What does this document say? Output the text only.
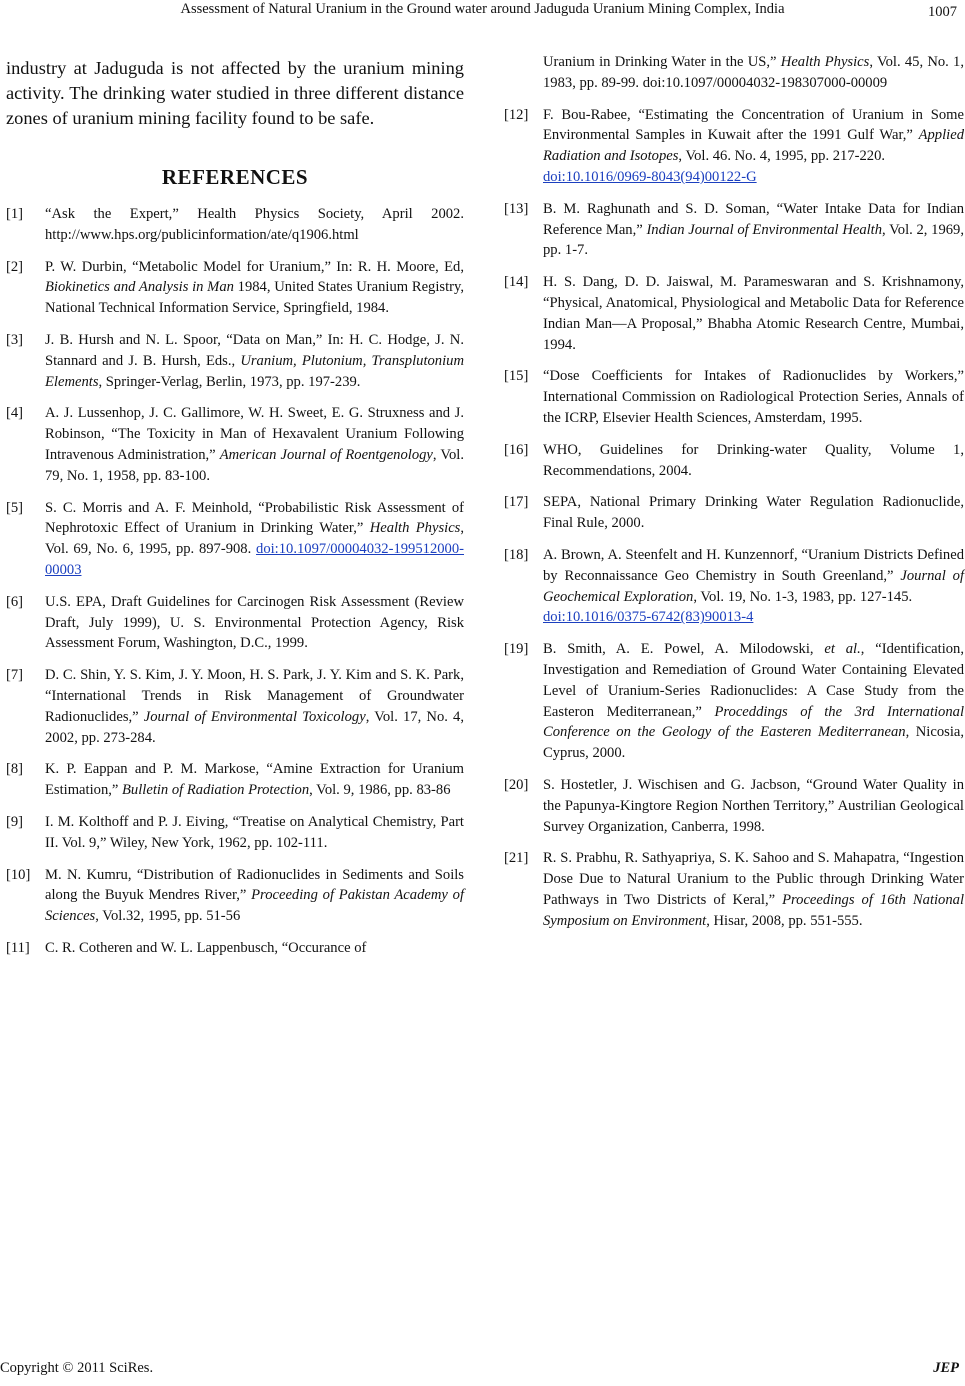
Assessment of Natural Uranium in the Ground water around Jaduguda Uranium Mining Complex, India	1007

industry at Jaduguda is not affected by the uranium mining activity. The drinking water studied in three different distance zones of uranium mining facility found to be safe.

REFERENCES
[1] “Ask the Expert,” Health Physics Society, April 2002. http://www.hps.org/publicinformation/ate/q1906.html
[2] P. W. Durbin, “Metabolic Model for Uranium,” In: R. H. Moore, Ed, Biokinetics and Analysis in Man 1984, United States Uranium Registry, National Technical Information Service, Springfield, 1984.
[3] J. B. Hursh and N. L. Spoor, “Data on Man,” In: H. C. Hodge, J. N. Stannard and J. B. Hursh, Eds., Uranium, Plutonium, Transplutonium Elements, Springer-Verlag, Berlin, 1973, pp. 197-239.
[4] A. J. Lussenhop, J. C. Gallimore, W. H. Sweet, E. G. Struxness and J. Robinson, “The Toxicity in Man of Hexavalent Uranium Following Intravenous Administration,” American Journal of Roentgenology, Vol. 79, No. 1, 1958, pp. 83-100.
[5] S. C. Morris and A. F. Meinhold, “Probabilistic Risk Assessment of Nephrotoxic Effect of Uranium in Drinking Water,” Health Physics, Vol. 69, No. 6, 1995, pp. 897-908. doi:10.1097/00004032-199512000-00003
[6] U.S. EPA, Draft Guidelines for Carcinogen Risk Assessment (Review Draft, July 1999), U. S. Environmental Protection Agency, Risk Assessment Forum, Washington, D.C., 1999.
[7] D. C. Shin, Y. S. Kim, J. Y. Moon, H. S. Park, J. Y. Kim and S. K. Park, “International Trends in Risk Management of Groundwater Radionuclides,” Journal of Environmental Toxicology, Vol. 17, No. 4, 2002, pp. 273-284.
[8] K. P. Eappan and P. M. Markose, “Amine Extraction for Uranium Estimation,” Bulletin of Radiation Protection, Vol. 9, 1986, pp. 83-86
[9] I. M. Kolthoff and P. J. Eiving, “Treatise on Analytical Chemistry, Part II. Vol. 9,” Wiley, New York, 1962, pp. 102-111.
[10] M. N. Kumru, “Distribution of Radionuclides in Sediments and Soils along the Buyuk Mendres River,” Proceeding of Pakistan Academy of Sciences, Vol.32, 1995, pp. 51-56
[11] C. R. Cotheren and W. L. Lappenbusch, “Occurance of
Uranium in Drinking Water in the US,” Health Physics, Vol. 45, No. 1, 1983, pp. 89-99. doi:10.1097/00004032-198307000-00009
[12] F. Bou-Rabee, “Estimating the Concentration of Uranium in Some Environmental Samples in Kuwait after the 1991 Gulf War,” Applied Radiation and Isotopes, Vol. 46. No. 4, 1995, pp. 217-220.
doi:10.1016/0969-8043(94)00122-G
[13] B. M. Raghunath and S. D. Soman, “Water Intake Data for Indian Reference Man,” Indian Journal of Environmental Health, Vol. 2, 1969, pp. 1-7.
[14] H. S. Dang, D. D. Jaiswal, M. Parameswaran and S. Krishnamony, “Physical, Anatomical, Physiological and Metabolic Data for Reference Indian Man—A Proposal,” Bhabha Atomic Research Centre, Mumbai, 1994.
[15] “Dose Coefficients for Intakes of Radionuclides by Workers,” International Commission on Radiological Protection Series, Annals of the ICRP, Elsevier Health Sciences, Amsterdam, 1995.
[16] WHO, Guidelines for Drinking-water Quality, Volume 1, Recommendations, 2004.
[17] SEPA, National Primary Drinking Water Regulation Radionuclide, Final Rule, 2000.
[18] A. Brown, A. Steenfelt and H. Kunzennorf, “Uranium Districts Defined by Reconnaissance Geo Chemistry in South Greenland,” Journal of Geochemical Exploration, Vol. 19, No. 1-3, 1983, pp. 127-145.
doi:10.1016/0375-6742(83)90013-4
[19] B. Smith, A. E. Powel, A. Milodowski, et al., “Identification, Investigation and Remediation of Ground Water Containing Elevated Level of Uranium-Series Radionuclides: A Case Study from the Easteron Mediterranean,” Proceddings of the 3rd International Conference on the Geology of the Easteren Mediterranean, Nicosia, Cyprus, 2000.
[20] S. Hostetler, J. Wischisen and G. Jacbson, “Ground Water Quality in the Papunya-Kingtore Region Northen Territory,” Austrilian Geological Survey Organization, Canberra, 1998.
[21] R. S. Prabhu, R. Sathyapriya, S. K. Sahoo and S. Mahapatra, “Ingestion Dose Due to Natural Uranium to the Public through Drinking Water Pathways in Two Districts of Keral,” Proceedings of 16th National Symposium on Environment, Hisar, 2008, pp. 551-555.
Copyright © 2011 SciRes.	JEP
